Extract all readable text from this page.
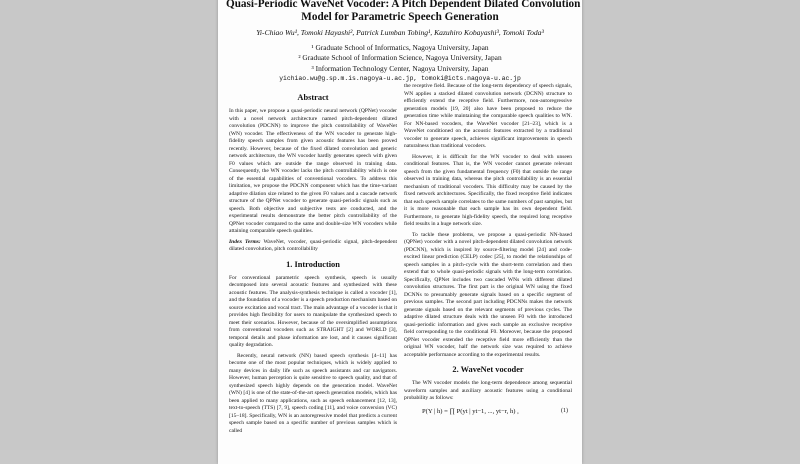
Quasi-Periodic WaveNet Vocoder: A Pitch Dependent Dilated Convolution
Model for Parametric Speech Generation
Yi-Chiao Wu¹, Tomoki Hayashi², Patrick Lumban Tobing¹, Kazuhiro Kobayashi³, Tomoki Toda³
¹ Graduate School of Informatics, Nagoya University, Japan
² Graduate School of Information Science, Nagoya University, Japan
³ Information Technology Center, Nagoya University, Japan
yichiao.wu@g.sp.m.is.nagoya-u.ac.jp, tomoki@icts.nagoya-u.ac.jp
Abstract

In this paper, we propose a quasi-periodic neural network (QPNet) vocoder with a novel network architecture named pitch-dependent dilated convolution (PDCNN) to improve the pitch controllability of WaveNet (WN) vocoder. The effectiveness of the WN vocoder to generate high-fidelity speech samples from given acoustic features has been proved recently. However, because of the fixed dilated convolution and generic network architecture, the WN vocoder hardly generates speech with given F0 values which are outside the range observed in training data. Consequently, the WN vocoder lacks the pitch controllability which is one of the essential capabilities of conventional vocoders. To address this limitation, we propose the PDCNN component which has the time-variant adaptive dilation size related to the given F0 values and a cascade network structure of the QPNet vocoder to generate quasi-periodic signals such as speech. Both objective and subjective tests are conducted, and the experimental results demonstrate the better pitch controllability of the QPNet vocoder compared to the same and double-size WN vocoders while attaining comparable speech qualities.

Index Terms: WaveNet, vocoder, quasi-periodic signal, pitch-dependent dilated convolution, pitch controllability

1. Introduction

For conventional parametric speech synthesis, speech is usually decomposed into several acoustic features and synthesized with these acoustic features. The analysis-synthesis technique is called a vocoder [1], and the foundation of a vocoder is a speech production mechanism based on source excitation and vocal tract. The main advantage of a vocoder is that it provides high flexibility for users to manipulate the synthesized speech to meet their scenarios. However, because of the oversimplified assumptions from conventional vocoders such as STRAIGHT [2] and WORLD [3], temporal details and phase information are lost, and it causes significant quality degradation.

Recently, neural network (NN) based speech synthesis [4–11] has become one of the most popular techniques, which is widely applied to many devices in daily life such as speech assistants and car navigators. However, human perception is quite sensitive to speech quality, and that of synthesized speech highly depends on the generation model. WaveNet (WN) [4] is one of the state-of-the-art speech generation models, which has been applied to many applications, such as speech enhancement [12, 13], text-to-speech (TTS) [7, 9], speech coding [11], and voice conversion (VC) [15–18]. Specifically, WN is an autoregressive model that predicts a current speech sample based on a specific number of previous samples which is called

the receptive field. Because of the long-term dependency of speech signals, WN applies a stacked dilated convolution network (DCNN) structure to efficiently extend the receptive field. Furthermore, non-autoregressive generation models [19, 20] also have been proposed to reduce the generation time while maintaining the comparable speech qualities to WN. For NN-based vocoders, the WaveNet vocoder [21–23], which is a WaveNet conditioned on the acoustic features extracted by a traditional vocoder to generate speech, achieves significant improvements in speech naturalness than traditional vocoders.

However, it is difficult for the WN vocoder to deal with unseen conditional features. That is, the WN vocoder cannot generate relevant speech from the given fundamental frequency (F0) that outside the range observed in training data, whereas the pitch controllability is an essential mechanism of traditional vocoders. This difficulty may be caused by the fixed network architectures. Specifically, the fixed receptive field indicates that each speech sample correlates to the same numbers of past samples, but it is more reasonable that each sample has its own dependent field. Furthermore, to generate high-fidelity speech, the required long receptive field results in a huge network size.

To tackle these problems, we propose a quasi-periodic NN-based (QPNet) vocoder with a novel pitch-dependent dilated convolution network (PDCNN), which is inspired by source-filtering model [24] and code-excited linear prediction (CELP) codec [25], to model the relationships of speech samples in a pitch-cycle with the short-term correlation and then extend that to whole quasi-periodic signals with the long-term correlation. Specifically, QPNet includes two cascaded WNs with different dilated convolution structures. The first part is the original WN using the fixed DCNNs to presumably generate signals based on a specific segment of previous samples. The second part including PDCNNs makes the network generate signals based on the relevant segments of previous cycles. The adaptive dilated structure deals with the unseen F0 with the introduced quasi-periodic information and gives each sample an exclusive receptive field corresponding to the conditional F0. Moreover, because the proposed QPNet vocoder extended the receptive field more efficiently than the original WN vocoder, half the network size was required to achieve acceptable performance according to the experimental results.

2. WaveNet vocoder

The WN vocoder models the long-term dependence among sequential waveform samples and auxiliary acoustic features using a conditional probability as follows:

P(Y | h) = ∏ P(yt | yt−1, ..., yt−r, h) ,	(1)
